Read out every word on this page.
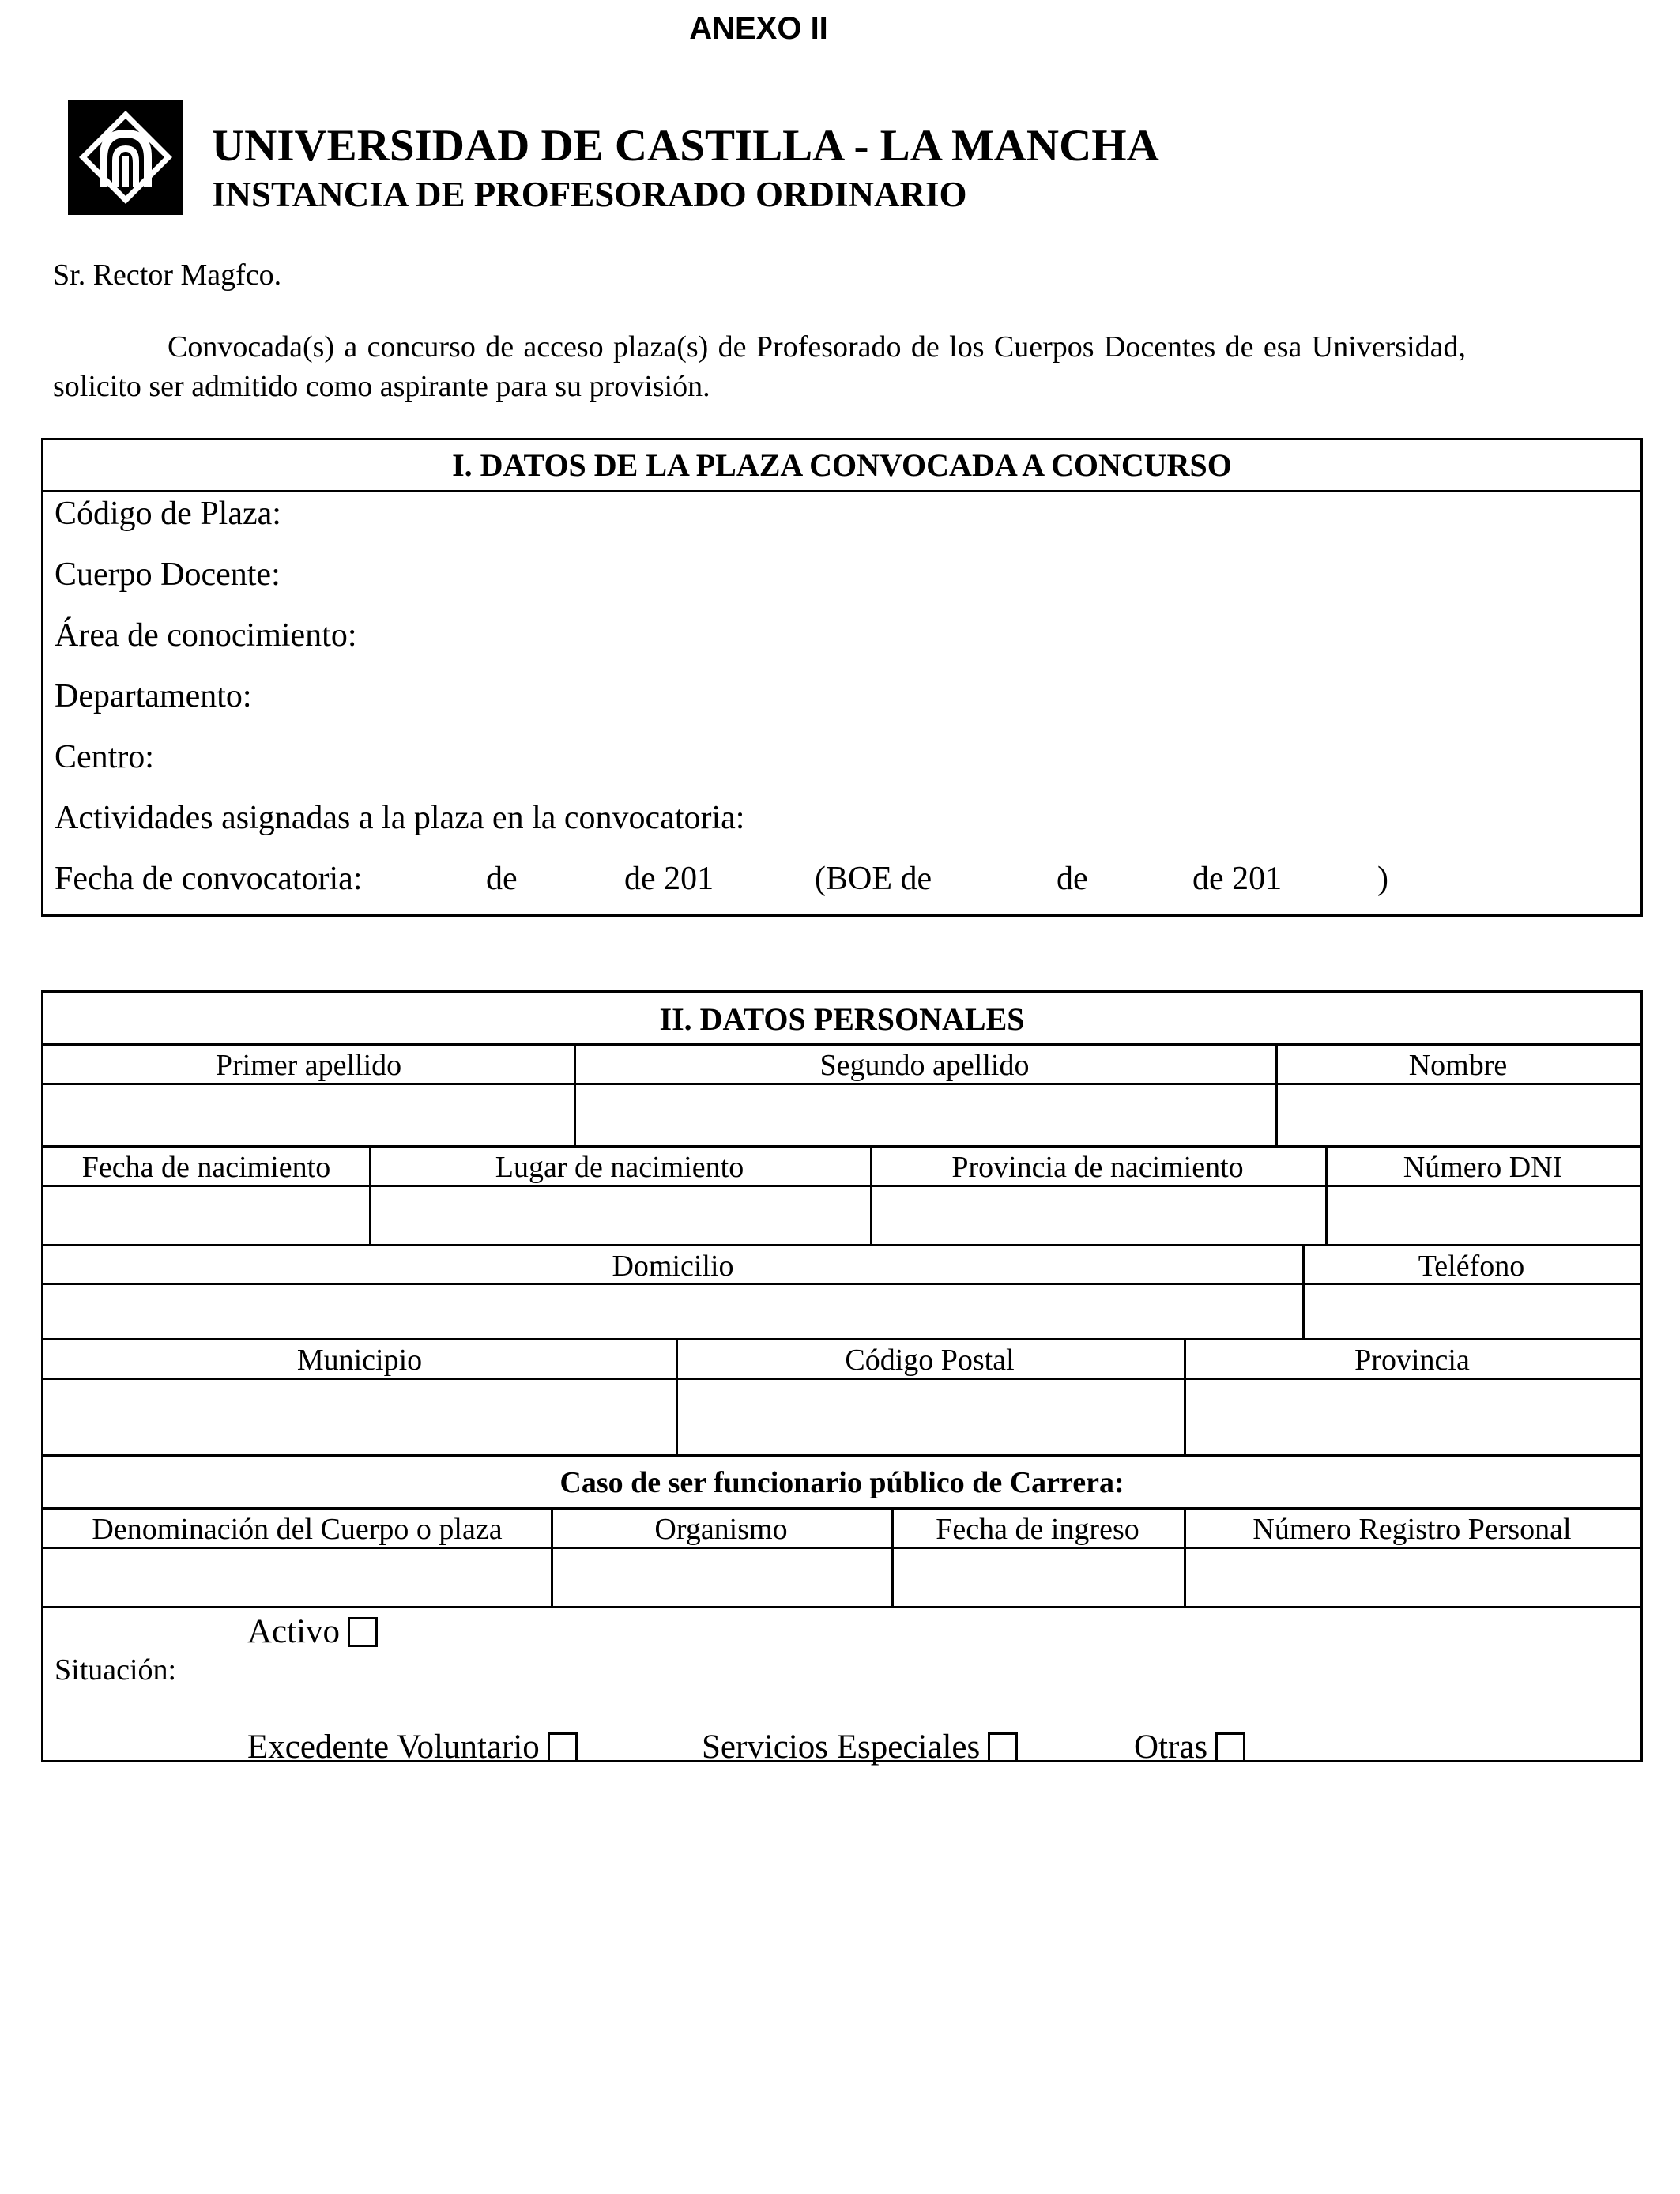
ANEXO II
UNIVERSIDAD DE CASTILLA - LA MANCHA
INSTANCIA DE PROFESORADO ORDINARIO
Sr. Rector Magfco.
Convocada(s) a concurso de acceso plaza(s) de Profesorado de los Cuerpos Docentes de esa Universidad, solicito ser admitido como aspirante para su provisión.
I. DATOS DE LA PLAZA CONVOCADA A CONCURSO
Código de Plaza:
Cuerpo Docente:
Área de conocimiento:
Departamento:
Centro:
Actividades asignadas a la plaza en la convocatoria:
Fecha de convocatoria:	de	de 201	(BOE de	de	de 201	)
II. DATOS PERSONALES
Primer apellido	Segundo apellido	Nombre
Fecha de nacimiento	Lugar de nacimiento	Provincia de nacimiento	Número DNI
Domicilio	Teléfono
Municipio	Código Postal	Provincia
Caso de ser funcionario público de Carrera:
Denominación del Cuerpo o plaza	Organismo	Fecha de ingreso	Número Registro Personal
Situación:
Activo
Excedente Voluntario	Servicios Especiales	Otras
